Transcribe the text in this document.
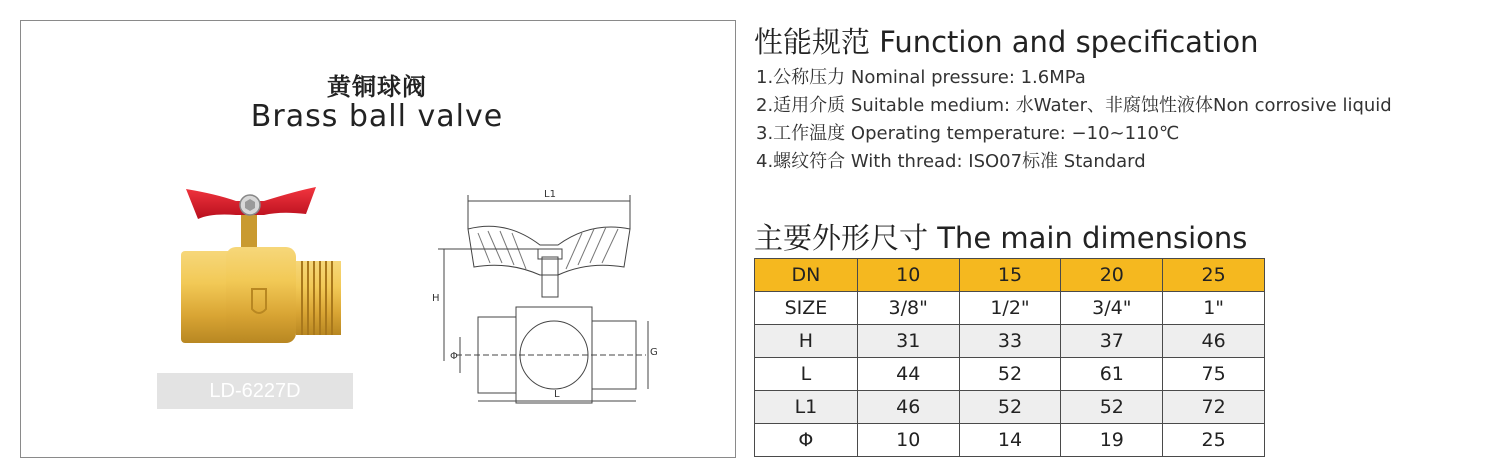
黄铜球阀
Brass ball valve
LD-6227D
L1
H
Φ	G
L
性能规范 Function and specification
1.公称压力 Nominal pressure: 1.6MPa
2.适用介质 Suitable medium: 水Water、非腐蚀性液体Non corrosive liquid
3.工作温度 Operating temperature: −10~110℃
4.螺纹符合 With thread: ISO07标准 Standard
主要外形尺寸 The main dimensions
DN	10	15	20	25
SIZE	3/8"	1/2"	3/4"	1"
H	31	33	37	46
L	44	52	61	75
L1	46	52	52	72
Φ	10	14	19	25
